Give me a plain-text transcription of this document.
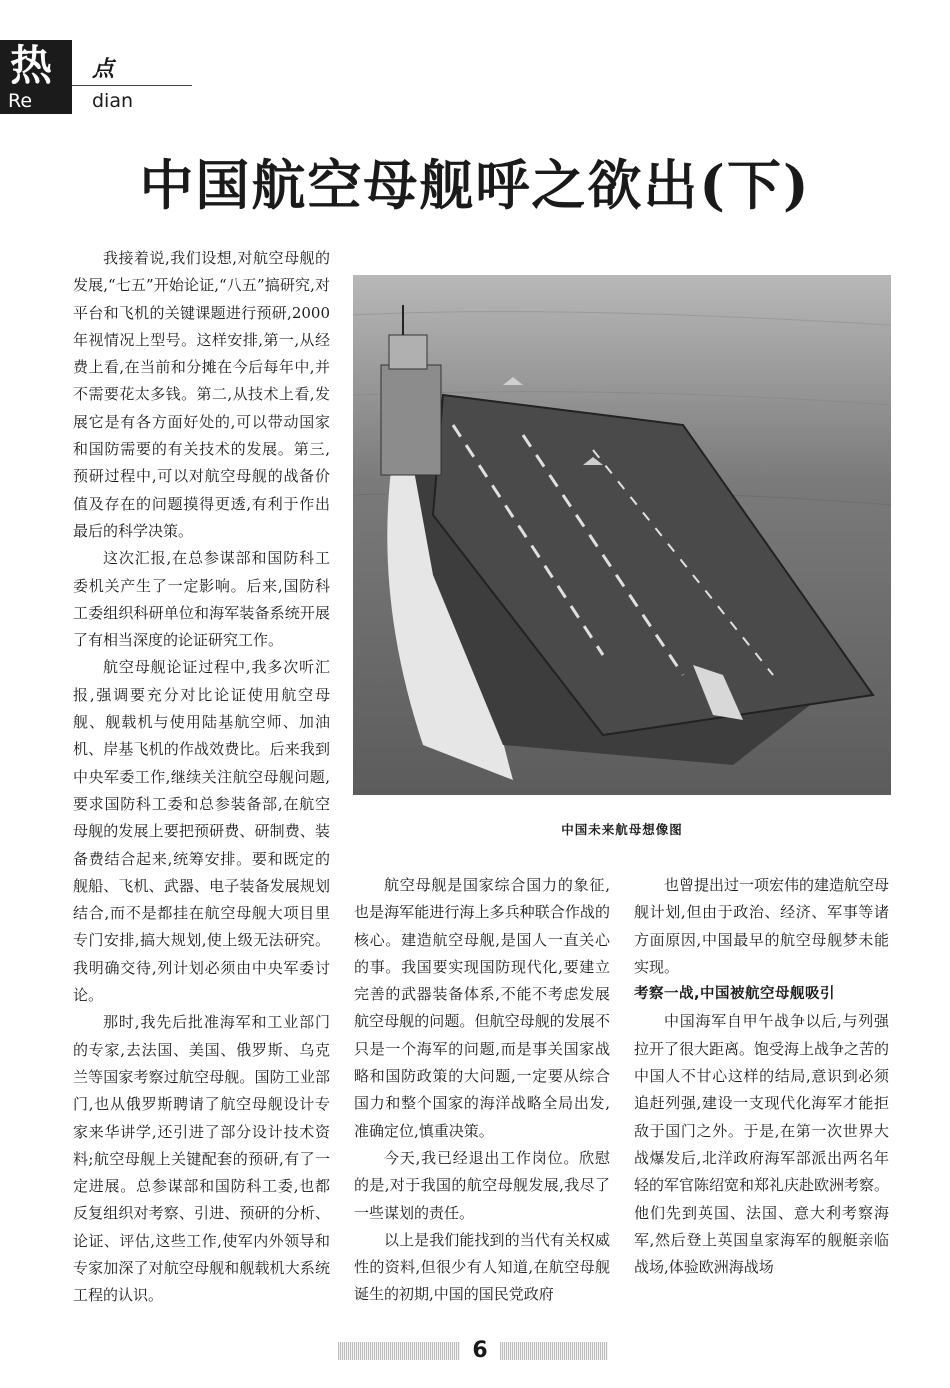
热
Re
点
dian
中国航空母舰呼之欲出(下)

我接着说,我们设想,对航空母舰的发展,“七五”开始论证,“八五”搞研究,对平台和飞机的关键课题进行预研,2000年视情况上型号。这样安排,第一,从经费上看,在当前和分摊在今后每年中,并不需要花太多钱。第二,从技术上看,发展它是有各方面好处的,可以带动国家和国防需要的有关技术的发展。第三,预研过程中,可以对航空母舰的战备价值及存在的问题摸得更透,有利于作出最后的科学决策。

这次汇报,在总参谋部和国防科工委机关产生了一定影响。后来,国防科工委组织科研单位和海军装备系统开展了有相当深度的论证研究工作。

航空母舰论证过程中,我多次听汇报,强调要充分对比论证使用航空母舰、舰载机与使用陆基航空师、加油机、岸基飞机的作战效费比。后来我到中央军委工作,继续关注航空母舰问题,要求国防科工委和总参装备部,在航空母舰的发展上要把预研费、研制费、装备费结合起来,统筹安排。要和既定的舰船、飞机、武器、电子装备发展规划结合,而不是都挂在航空母舰大项目里专门安排,搞大规划,使上级无法研究。我明确交待,列计划必须由中央军委讨论。

那时,我先后批准海军和工业部门的专家,去法国、美国、俄罗斯、乌克兰等国家考察过航空母舰。国防工业部门,也从俄罗斯聘请了航空母舰设计专家来华讲学,还引进了部分设计技术资料;航空母舰上关键配套的预研,有了一定进展。总参谋部和国防科工委,也都反复组织对考察、引进、预研的分析、论证、评估,这些工作,使军内外领导和专家加深了对航空母舰和舰载机大系统工程的认识。

中国未来航母想像图

航空母舰是国家综合国力的象征,也是海军能进行海上多兵种联合作战的核心。建造航空母舰,是国人一直关心的事。我国要实现国防现代化,要建立完善的武器装备体系,不能不考虑发展航空母舰的问题。但航空母舰的发展不只是一个海军的问题,而是事关国家战略和国防政策的大问题,一定要从综合国力和整个国家的海洋战略全局出发,准确定位,慎重决策。

今天,我已经退出工作岗位。欣慰的是,对于我国的航空母舰发展,我尽了一些谋划的责任。

以上是我们能找到的当代有关权威性的资料,但很少有人知道,在航空母舰诞生的初期,中国的国民党政府

也曾提出过一项宏伟的建造航空母舰计划,但由于政治、经济、军事等诸方面原因,中国最早的航空母舰梦未能实现。

考察一战,中国被航空母舰吸引

中国海军自甲午战争以后,与列强拉开了很大距离。饱受海上战争之苦的中国人不甘心这样的结局,意识到必须追赶列强,建设一支现代化海军才能拒敌于国门之外。于是,在第一次世界大战爆发后,北洋政府海军部派出两名年轻的军官陈绍宽和郑礼庆赴欧洲考察。他们先到英国、法国、意大利考察海军,然后登上英国皇家海军的舰艇亲临战场,体验欧洲海战场

6
